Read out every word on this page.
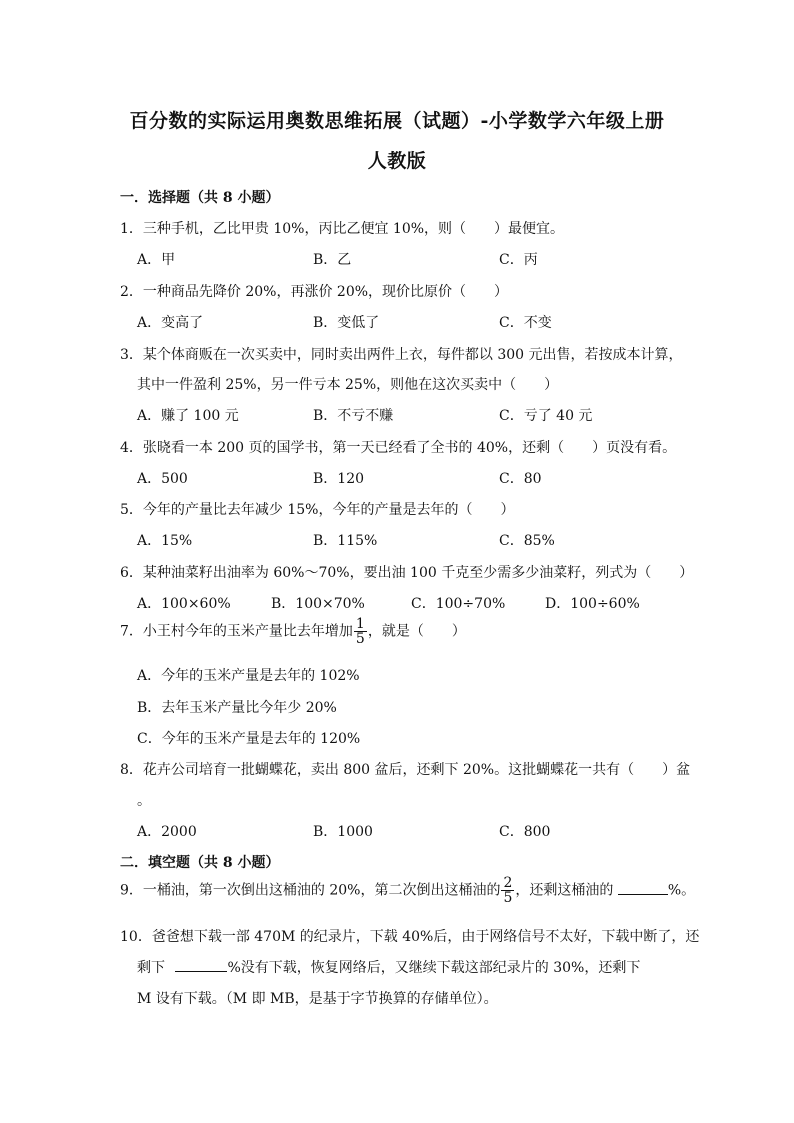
百分数的实际运用奥数思维拓展（试题）-小学数学六年级上册
人教版
一．选择题（共 8 小题）
1．三种手机，乙比甲贵 10%，丙比乙便宜 10%，则（　　）最便宜。
A．甲	B．乙	C．丙
2．一种商品先降价 20%，再涨价 20%，现价比原价（　　）
A．变高了	B．变低了	C．不变
3．某个体商贩在一次买卖中，同时卖出两件上衣，每件都以 300 元出售，若按成本计算，
其中一件盈利 25%，另一件亏本 25%，则他在这次买卖中（　　）
A．赚了 100 元	B．不亏不赚	C．亏了 40 元
4．张晓看一本 200 页的国学书，第一天已经看了全书的 40%，还剩（　　）页没有看。
A．500	B．120	C．80
5．今年的产量比去年减少 15%，今年的产量是去年的（　　）
A．15%	B．115%	C．85%
6．某种油菜籽出油率为 60%～70%，要出油 100 千克至少需多少油菜籽，列式为（　　）
A．100×60%	B．100×70%	C．100÷70%	D．100÷60%
7．小王村今年的玉米产量比去年增加 $\frac{1}{5}$ ，就是（　　）
A．今年的玉米产量是去年的 102%
B．去年玉米产量比今年少 20%
C．今年的玉米产量是去年的 120%
8．花卉公司培育一批蝴蝶花，卖出 800 盆后，还剩下 20%。这批蝴蝶花一共有（　　）盆
。
A．2000	B．1000	C．800
二．填空题（共 8 小题）
9．一桶油，第一次倒出这桶油的 20%，第二次倒出这桶油的 $\frac{2}{5}$ ，还剩这桶油的	%。
10．爸爸想下载一部 470M 的纪录片，下载 40%后，由于网络信号不太好，下载中断了，还
剩下	%没有下载，恢复网络后，又继续下载这部纪录片的 30%，还剩下
M 设有下载。（M 即 MB，是基于字节换算的存储单位）。
